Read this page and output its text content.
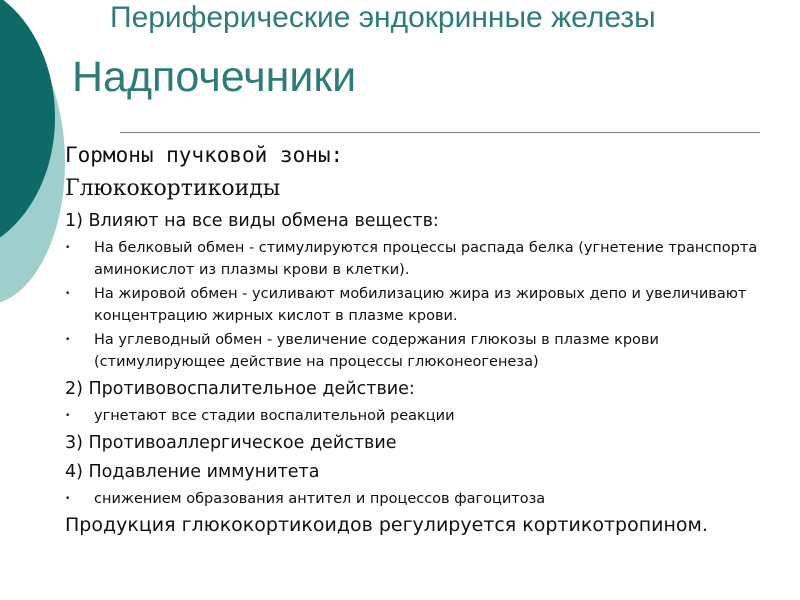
Периферические эндокринные железы
Надпочечники

Гормоны пучковой зоны:

Глюкокортикоиды

1) Влияют на все виды обмена веществ:

• На белковый обмен - стимулируются процессы распада белка (угнетение транспорта аминокислот из плазмы крови в клетки).
• На жировой обмен - усиливают мобилизацию жира из жировых депо и увеличивают концентрацию жирных кислот в плазме крови.
• На углеводный обмен - увеличение содержания глюкозы в плазме крови (стимулирующее действие на процессы глюконеогенеза)

2) Противовоспалительное действие:

• угнетают все стадии воспалительной реакции

3) Противоаллергическое действие

4) Подавление иммунитета

• снижением образования антител и процессов фагоцитоза

Продукция глюкокортикоидов регулируется кортикотропином.
